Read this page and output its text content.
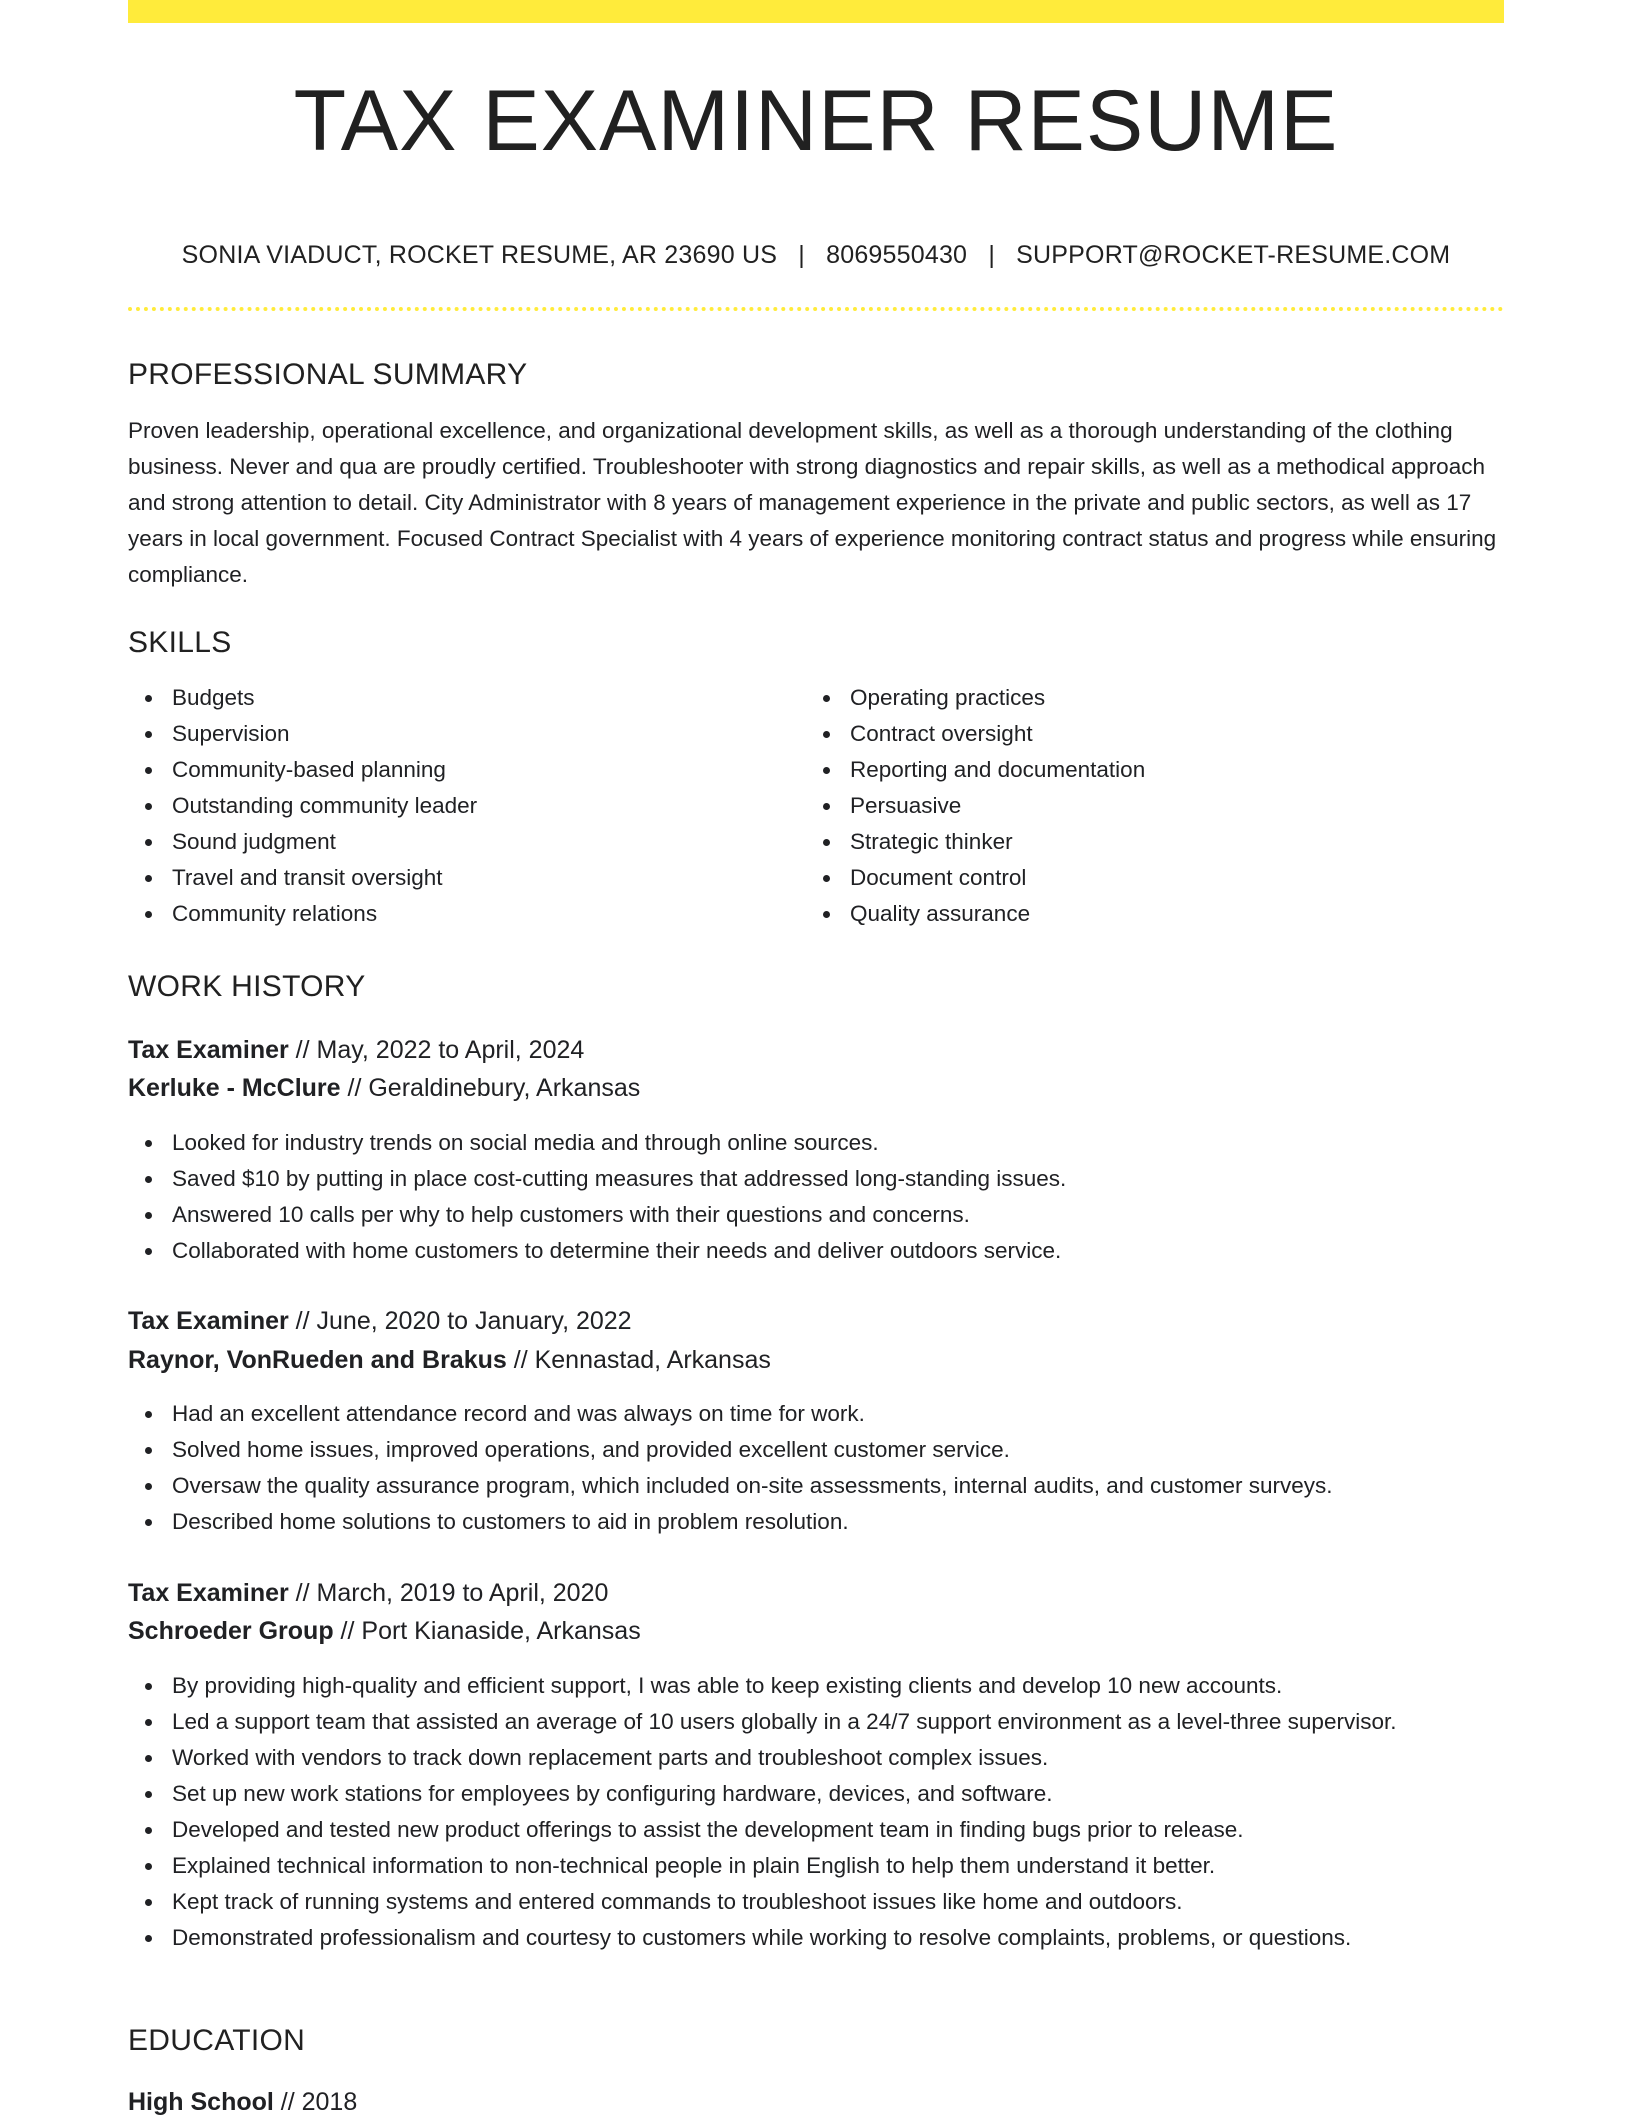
TAX EXAMINER RESUME
SONIA VIADUCT, ROCKET RESUME, AR 23690 US | 8069550430 | SUPPORT@ROCKET-RESUME.COM
PROFESSIONAL SUMMARY

Proven leadership, operational excellence, and organizational development skills, as well as a thorough understanding of the clothing business. Never and qua are proudly certified. Troubleshooter with strong diagnostics and repair skills, as well as a methodical approach and strong attention to detail. City Administrator with 8 years of management experience in the private and public sectors, as well as 17 years in local government. Focused Contract Specialist with 4 years of experience monitoring contract status and progress while ensuring compliance.

SKILLS
Budgets
Supervision
Community-based planning
Outstanding community leader
Sound judgment
Travel and transit oversight
Community relations
Operating practices
Contract oversight
Reporting and documentation
Persuasive
Strategic thinker
Document control
Quality assurance
WORK HISTORY
Tax Examiner // May, 2022 to April, 2024
Kerluke - McClure // Geraldinebury, Arkansas
Looked for industry trends on social media and through online sources.
Saved $10 by putting in place cost-cutting measures that addressed long-standing issues.
Answered 10 calls per why to help customers with their questions and concerns.
Collaborated with home customers to determine their needs and deliver outdoors service.
Tax Examiner // June, 2020 to January, 2022
Raynor, VonRueden and Brakus // Kennastad, Arkansas
Had an excellent attendance record and was always on time for work.
Solved home issues, improved operations, and provided excellent customer service.
Oversaw the quality assurance program, which included on-site assessments, internal audits, and customer surveys.
Described home solutions to customers to aid in problem resolution.
Tax Examiner // March, 2019 to April, 2020
Schroeder Group // Port Kianaside, Arkansas
By providing high-quality and efficient support, I was able to keep existing clients and develop 10 new accounts.
Led a support team that assisted an average of 10 users globally in a 24/7 support environment as a level-three supervisor.
Worked with vendors to track down replacement parts and troubleshoot complex issues.
Set up new work stations for employees by configuring hardware, devices, and software.
Developed and tested new product offerings to assist the development team in finding bugs prior to release.
Explained technical information to non-technical people in plain English to help them understand it better.
Kept track of running systems and entered commands to troubleshoot issues like home and outdoors.
Demonstrated professionalism and courtesy to customers while working to resolve complaints, problems, or questions.
EDUCATION
High School // 2018
